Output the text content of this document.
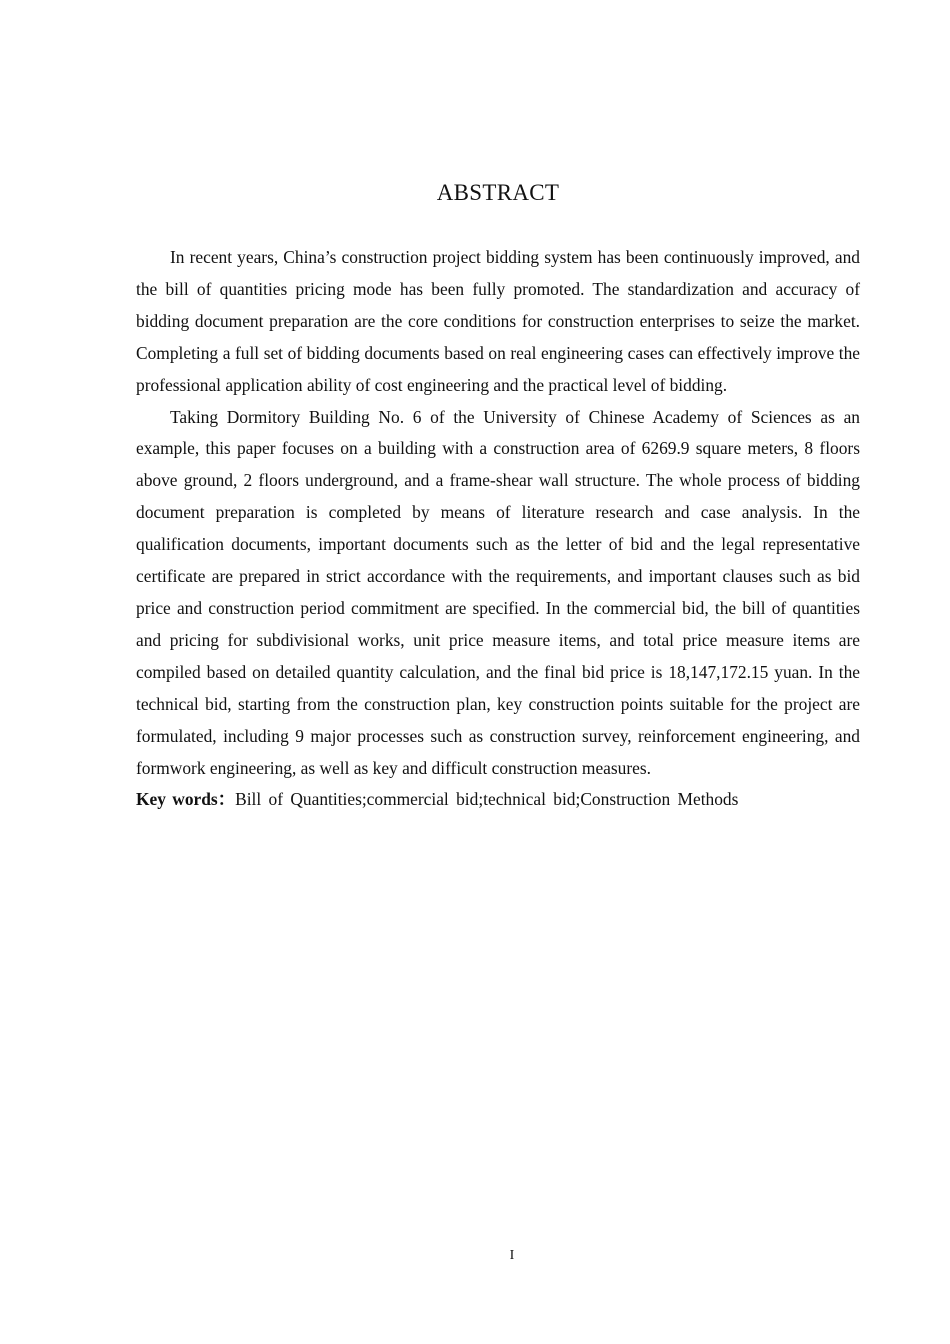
ABSTRACT

In recent years, China’s construction project bidding system has been continuously improved, and the bill of quantities pricing mode has been fully promoted. The standardization and accuracy of bidding document preparation are the core conditions for construction enterprises to seize the market. Completing a full set of bidding documents based on real engineering cases can effectively improve the professional application ability of cost engineering and the practical level of bidding.

Taking Dormitory Building No. 6 of the University of Chinese Academy of Sciences as an example, this paper focuses on a building with a construction area of 6269.9 square meters, 8 floors above ground, 2 floors underground, and a frame-shear wall structure. The whole process of bidding document preparation is completed by means of literature research and case analysis. In the qualification documents, important documents such as the letter of bid and the legal representative certificate are prepared in strict accordance with the requirements, and important clauses such as bid price and construction period commitment are specified. In the commercial bid, the bill of quantities and pricing for subdivisional works, unit price measure items, and total price measure items are compiled based on detailed quantity calculation, and the final bid price is 18,147,172.15 yuan. In the technical bid, starting from the construction plan, key construction points suitable for the project are formulated, including 9 major processes such as construction survey, reinforcement engineering, and formwork engineering, as well as key and difficult construction measures.

Key words：Bill of Quantities;commercial bid;technical bid;Construction Methods

I
